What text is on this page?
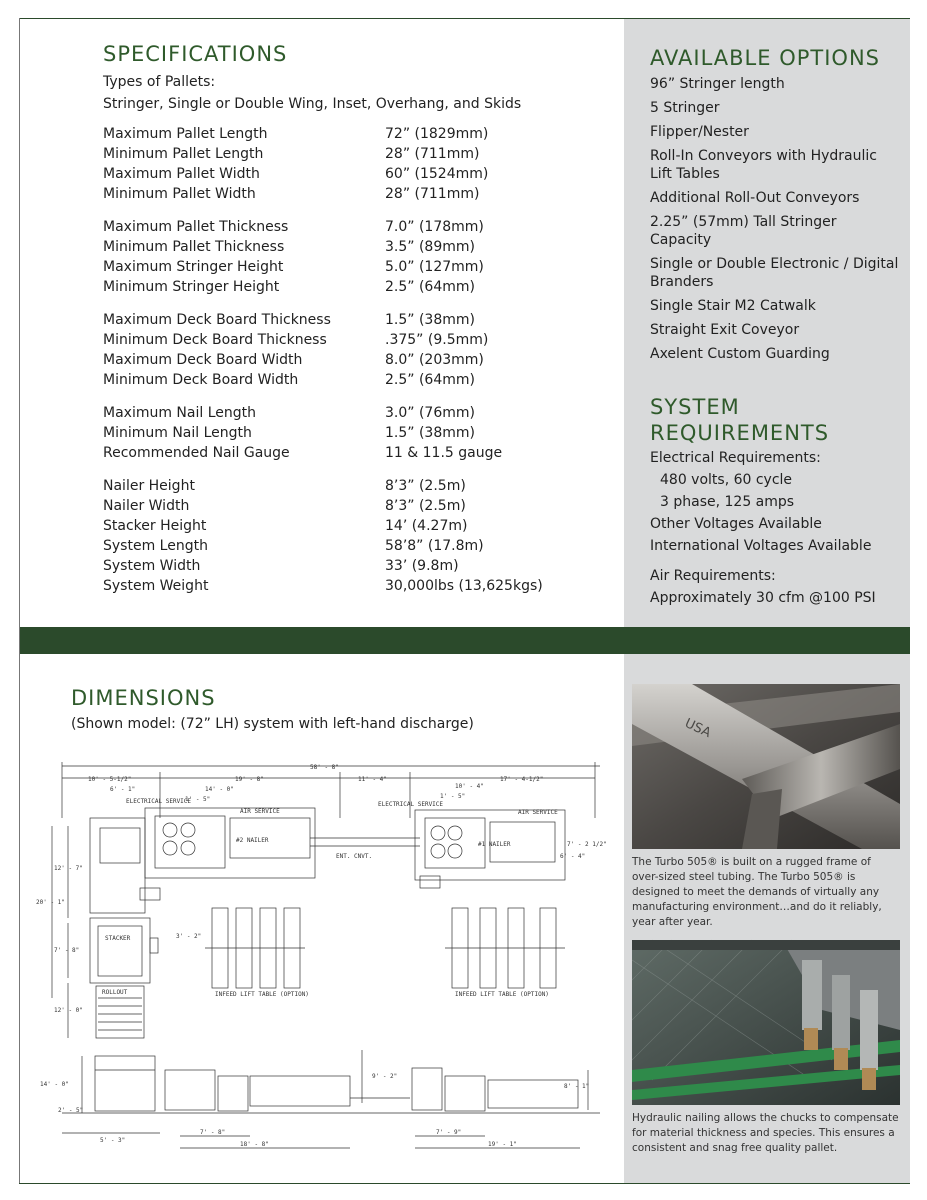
SPECIFICATIONS
Types of Pallets:
Stringer, Single or Double Wing, Inset, Overhang, and Skids
Maximum Pallet Length	72” (1829mm)
Minimum Pallet Length	28” (711mm)
Maximum Pallet Width	60” (1524mm)
Minimum Pallet Width	28” (711mm)
Maximum Pallet Thickness	7.0” (178mm)
Minimum Pallet Thickness	3.5” (89mm)
Maximum Stringer Height	5.0” (127mm)
Minimum Stringer Height	2.5” (64mm)
Maximum Deck Board Thickness	1.5” (38mm)
Minimum Deck Board Thickness	.375” (9.5mm)
Maximum Deck Board Width	8.0” (203mm)
Minimum Deck Board Width	2.5” (64mm)
Maximum Nail Length	3.0” (76mm)
Minimum Nail Length	1.5” (38mm)
Recommended Nail Gauge	11 & 11.5 gauge
Nailer Height	8’3” (2.5m)
Nailer Width	8’3” (2.5m)
Stacker Height	14’ (4.27m)
System Length	58’8” (17.8m)
System Width	33’ (9.8m)
System Weight	30,000lbs (13,625kgs)
AVAILABLE OPTIONS
96” Stringer length
5 Stringer
Flipper/Nester
Roll-In Conveyors with Hydraulic Lift Tables
Additional Roll-Out Conveyors
2.25” (57mm) Tall Stringer Capacity
Single or Double Electronic / Digital Branders
Single Stair M2 Catwalk
Straight Exit Coveyor
Axelent Custom Guarding
SYSTEM
REQUIREMENTS
Electrical Requirements:
480 volts, 60 cycle
3 phase, 125 amps
Other Voltages Available
International Voltages Available
Air Requirements:
Approximately 30 cfm @100 PSI
DIMENSIONS
(Shown model: (72” LH) system with left-hand discharge)
58' - 8"
10' - 5-1/2"	19' - 8"	11' - 4"	17' - 4-1/2"
6' - 1"	14' - 0"
1' - 5"
10' - 4"
1' - 5"
7' - 2 1/2"
6' - 4"
12' - 7"
20' - 1"
3' - 2"
7' - 8"
12' - 0"
ELECTRICAL SERVICE
AIR SERVICE
ELECTRICAL SERVICE
AIR SERVICE
#2 NAILER
#1 NAILER
ENT. CNVT.
STACKER
ROLLOUT	INFEED LIFT TABLE (OPTION)	INFEED LIFT TABLE (OPTION)
14' - 0"
2' - 5"
9' - 2"
8' - 1"
5' - 3"
7' - 8"
18' - 8"
7' - 9"
19' - 1"
USA
The Turbo 505® is built on a rugged frame of over-sized steel tubing. The Turbo 505® is designed to meet the demands of virtually any manufacturing environment…and do it reliably, year after year.
Hydraulic nailing allows the chucks to compensate for material thickness and species. This ensures a consistent and snag free quality pallet.
